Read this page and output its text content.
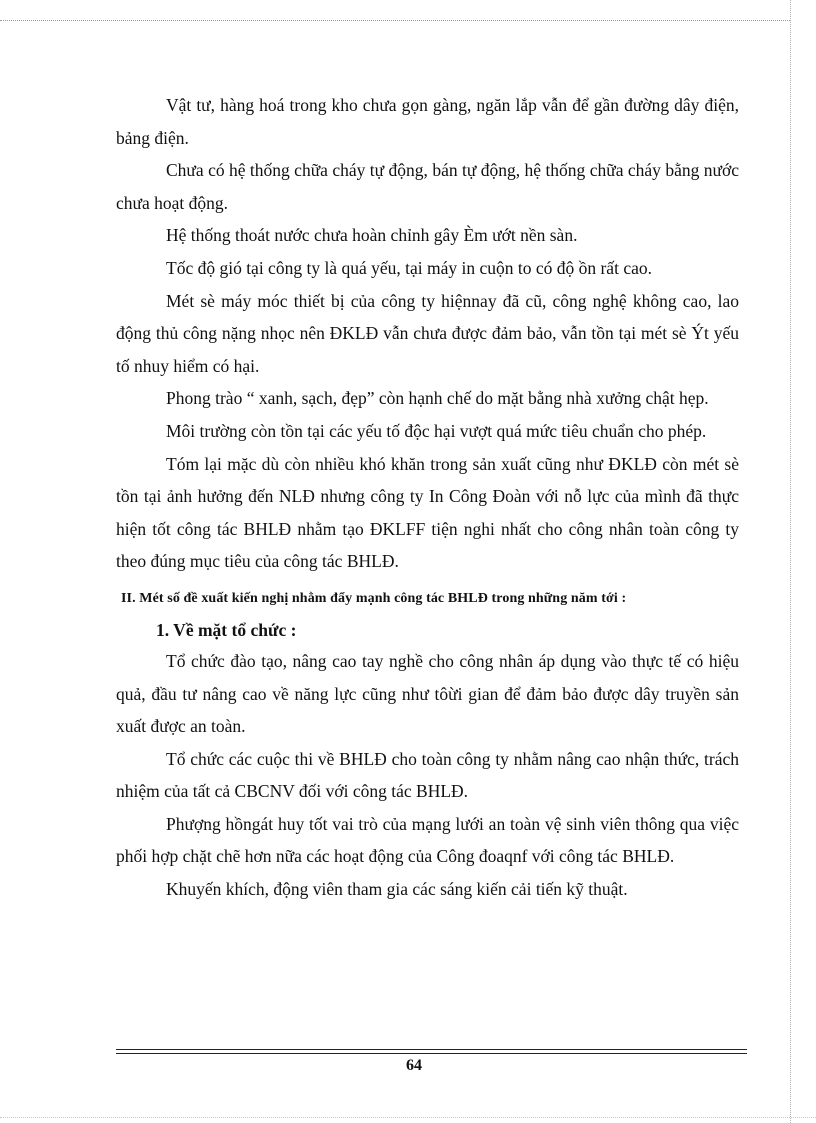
Vật tư, hàng hoá trong kho chưa gọn gàng, ngăn lắp vẫn để gần đường dây điện, bảng điện.

Chưa có hệ thống chữa cháy tự động, bán tự động, hệ thống chữa cháy bằng nước chưa hoạt động.

Hệ thống thoát nước chưa hoàn chỉnh gây Èm ướt nền sàn.

Tốc độ gió tại công ty là quá yếu, tại máy in cuộn to có độ ồn rất cao.

Mét sè máy móc thiết bị của công ty hiệnnay đã cũ, công nghệ không cao, lao động thủ công nặng nhọc nên ĐKLĐ vẫn chưa được đảm bảo, vẫn tồn tại mét sè Ýt yếu tố nhuy hiểm có hại.

Phong trào “ xanh, sạch, đẹp” còn hạnh chế do mặt bằng nhà xưởng chật hẹp.

Môi trường còn tồn tại các yếu tố độc hại vượt quá mức tiêu chuẩn cho phép.

Tóm lại mặc dù còn nhiều khó khăn trong sản xuất cũng như ĐKLĐ còn mét sè tồn tại ảnh hưởng đến NLĐ nhưng công ty In Công Đoàn với nỗ lực của mình đã thực hiện tốt công tác BHLĐ nhằm tạo ĐKLFF tiện nghi nhất cho công nhân toàn công ty theo đúng mục tiêu của công tác BHLĐ.

II. Mét số đề xuất kiến nghị nhằm đẩy mạnh công tác BHLĐ trong những năm tới :

1. Về mặt tổ chức :

Tổ chức đào tạo, nâng cao tay nghề cho công nhân áp dụng vào thực tế có hiệu quả, đầu tư nâng cao về năng lực cũng như tôừi gian để đảm bảo được dây truyền sản xuất được an toàn.

Tổ chức các cuộc thi về BHLĐ cho toàn công ty nhằm nâng cao nhận thức, trách nhiệm của tất cả CBCNV đối với công tác BHLĐ.

Phượng hồngát huy tốt vai trò của mạng lưới an toàn vệ sinh viên thông qua việc phối hợp chặt chẽ hơn nữa các hoạt động của Công đoaqnf với công tác BHLĐ.

Khuyến khích, động viên tham gia các sáng kiến cải tiến kỹ thuật.

64
